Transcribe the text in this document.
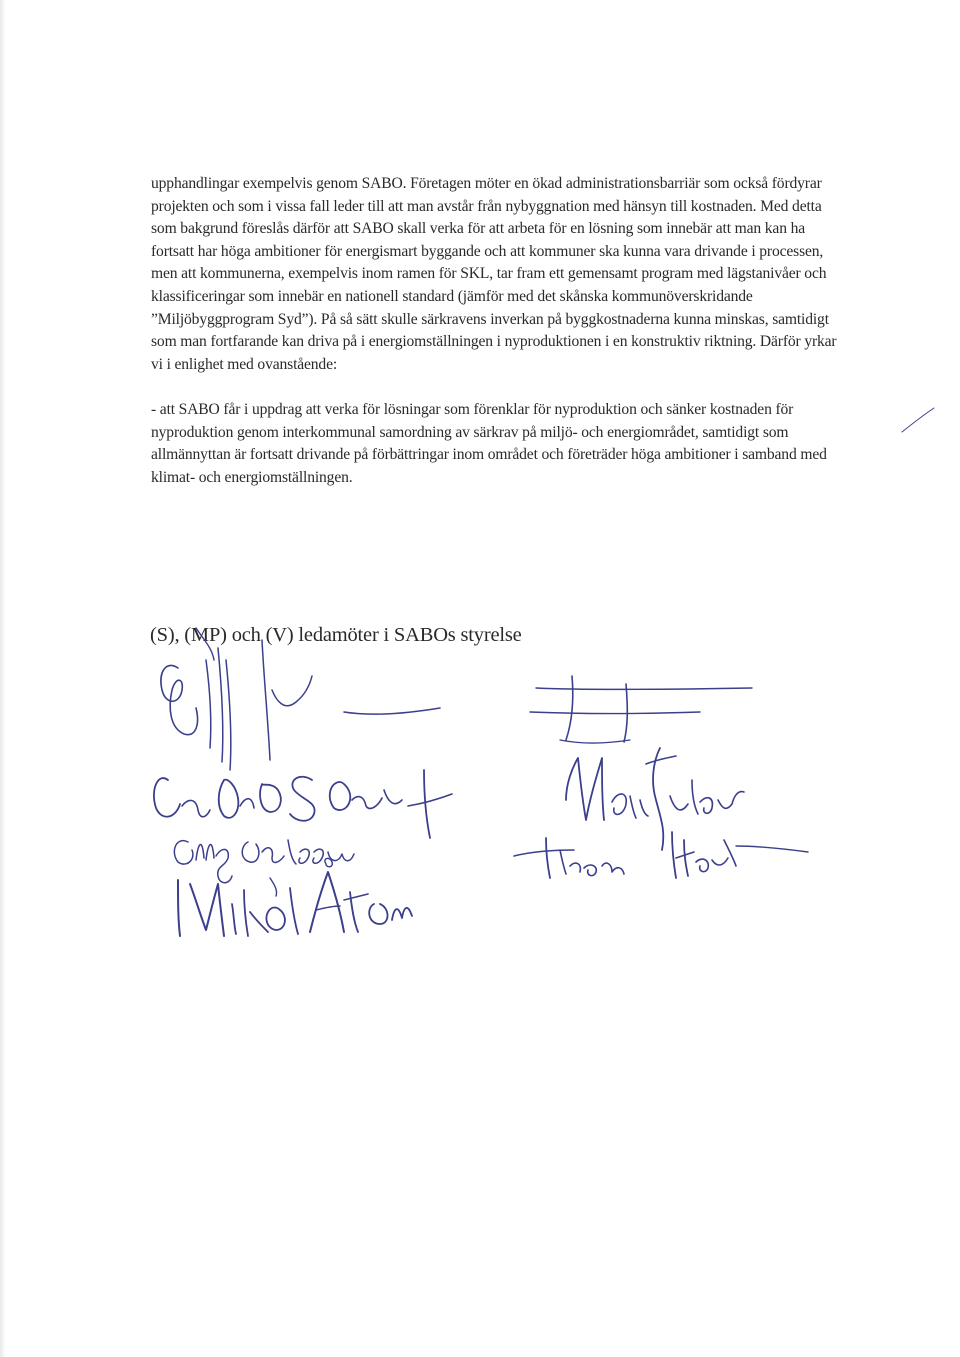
upphandlingar exempelvis genom SABO. Företagen möter en ökad administrationsbarriär som också fördyrar projekten och som i vissa fall leder till att man avstår från nybyggnation med hänsyn till kostnaden. Med detta som bakgrund föreslås därför att SABO skall verka för att arbeta för en lösning som innebär att man kan ha fortsatt har höga ambitioner för energismart byggande och att kommuner ska kunna vara drivande i processen, men att kommunerna, exempelvis inom ramen för SKL, tar fram ett gemensamt program med lägstanivåer och klassificeringar som innebär en nationell standard (jämför med det skånska kommunöverskridande ”Miljöbyggprogram Syd”). På så sätt skulle särkravens inverkan på byggkostnaderna kunna minskas, samtidigt som man fortfarande kan driva på i energiomställningen i nyproduktionen i en konstruktiv riktning. Därför yrkar vi i enlighet med ovanstående:

- att SABO får i uppdrag att verka för lösningar som förenklar för nyproduktion och sänker kostnaden för nyproduktion genom interkommunal samordning av särkrav på miljö- och energiområdet, samtidigt som allmännyttan är fortsatt drivande på förbättringar inom området och företräder höga ambitioner i samband med klimat- och energiomställningen.

(S), (MP) och (V) ledamöter i SABOs styrelse
